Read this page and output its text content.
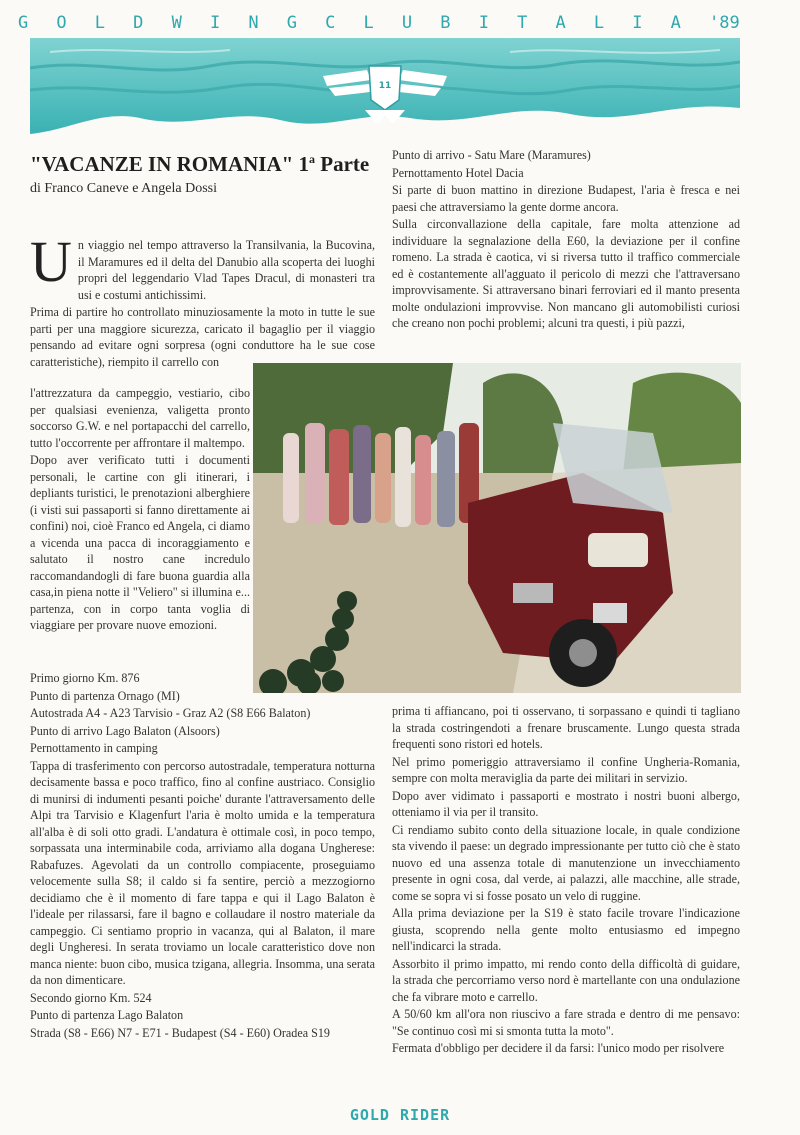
G O L D W I N G C L U B I T A L I A '89
11
"VACANZE IN ROMANIA" 1$^a$ Parte

di Franco Caneve e Angela Dossi

Un viaggio nel tempo attraverso la Transilvania, la Bucovina, il Maramures ed il delta del Danubio alla scoperta dei luoghi propri del leggendario Vlad Tapes Dracul, di monasteri tra usi e costumi antichissimi.

Prima di partire ho controllato minuziosamente la moto in tutte le sue parti per una maggiore sicurezza, caricato il bagaglio per il viaggio pensando ad evitare ogni sorpresa (ogni conduttore ha le sue cose caratteristiche), riempito il carrello con

l'attrezzatura da campeggio, vestiario, cibo per qualsiasi evenienza, valigetta pronto soccorso G.W. e nel portapacchi del carrello, tutto l'occorrente per affrontare il maltempo.

Dopo aver verificato tutti i documenti personali, le cartine con gli itinerari, i depliants turistici, le prenotazioni alberghiere (i visti sui passaporti si fanno direttamente ai confini) noi, cioè Franco ed Angela, ci diamo a vicenda una pacca di incoraggiamento e salutato il nostro cane incredulo raccomandandogli di fare buona guardia alla casa,in piena notte il "Veliero" si illumina e... partenza, con in corpo tanta voglia di viaggiare per provare nuove emozioni.

Primo giorno Km. 876

Punto di partenza Ornago (MI)

Autostrada A4 - A23 Tarvisio - Graz A2 (S8 E66 Balaton)

Punto di arrivo Lago Balaton (Alsoors)

Pernottamento in camping

Tappa di trasferimento con percorso autostradale, temperatura notturna decisamente bassa e poco traffico, fino al confine austriaco. Consiglio di munirsi di indumenti pesanti poiche' durante l'attraversamento delle Alpi tra Tarvisio e Klagenfurt l'aria è molto umida e la temperatura all'alba è di soli otto gradi. L'andatura è ottimale così, in poco tempo, sorpassata una interminabile coda, arriviamo alla dogana Ungherese: Rabafuzes. Agevolati da un controllo compiacente, proseguiamo velocemente sulla S8; il caldo si fa sentire, perciò a mezzogiorno decidiamo che è il momento di fare tappa e qui il Lago Balaton è l'ideale per rilassarsi, fare il bagno e collaudare il nostro materiale da campeggio. Ci sentiamo proprio in vacanza, qui al Balaton, il mare degli Ungheresi. In serata troviamo un locale caratteristico dove non manca niente: buon cibo, musica tzigana, allegria. Insomma, una serata da non dimenticare.

Secondo giorno Km. 524

Punto di partenza Lago Balaton

Strada (S8 - E66) N7 - E71 - Budapest (S4 - E60) Oradea S19

Punto di arrivo - Satu Mare (Maramures)

Pernottamento Hotel Dacia

Si parte di buon mattino in direzione Budapest, l'aria è fresca e nei paesi che attraversiamo la gente dorme ancora.

Sulla circonvallazione della capitale, fare molta attenzione ad individuare la segnalazione della E60, la deviazione per il confine romeno. La strada è caotica, vi si riversa tutto il traffico commerciale ed è costantemente all'agguato il pericolo di mezzi che l'attraversano improvvisamente. Si attraversano binari ferroviari ed il manto presenta molte ondulazioni improvvise. Non mancano gli automobilisti curiosi che creano non pochi problemi; alcuni tra questi, i più pazzi,

prima ti affiancano, poi ti osservano, ti sorpassano e quindi ti tagliano la strada costringendoti a frenare bruscamente. Lungo questa strada frequenti sono ristori ed hotels.

Nel primo pomeriggio attraversiamo il confine Ungheria-Romania, sempre con molta meraviglia da parte dei militari in servizio.

Dopo aver vidimato i passaporti e mostrato i nostri buoni albergo, otteniamo il via per il transito.

Ci rendiamo subito conto della situazione locale, in quale condizione sta vivendo il paese: un degrado impressionante per tutto ciò che è stato nuovo ed una assenza totale di manutenzione un invecchiamento presente in ogni cosa, dal verde, ai palazzi, alle macchine, alle strade, come se sopra vi si fosse posato un velo di ruggine.

Alla prima deviazione per la S19 è stato facile trovare l'indicazione giusta, scoprendo nella gente molto entusiasmo ed impegno nell'indicarci la strada.

Assorbito il primo impatto, mi rendo conto della difficoltà di guidare, la strada che percorriamo verso nord è martellante con una ondulazione che fa vibrare moto e carrello.

A 50/60 km all'ora non riuscivo a fare strada e dentro di me pensavo: "Se continuo così mi si smonta tutta la moto".

Fermata d'obbligo per decidere il da farsi: l'unico modo per risolvere

GOLD RIDER
